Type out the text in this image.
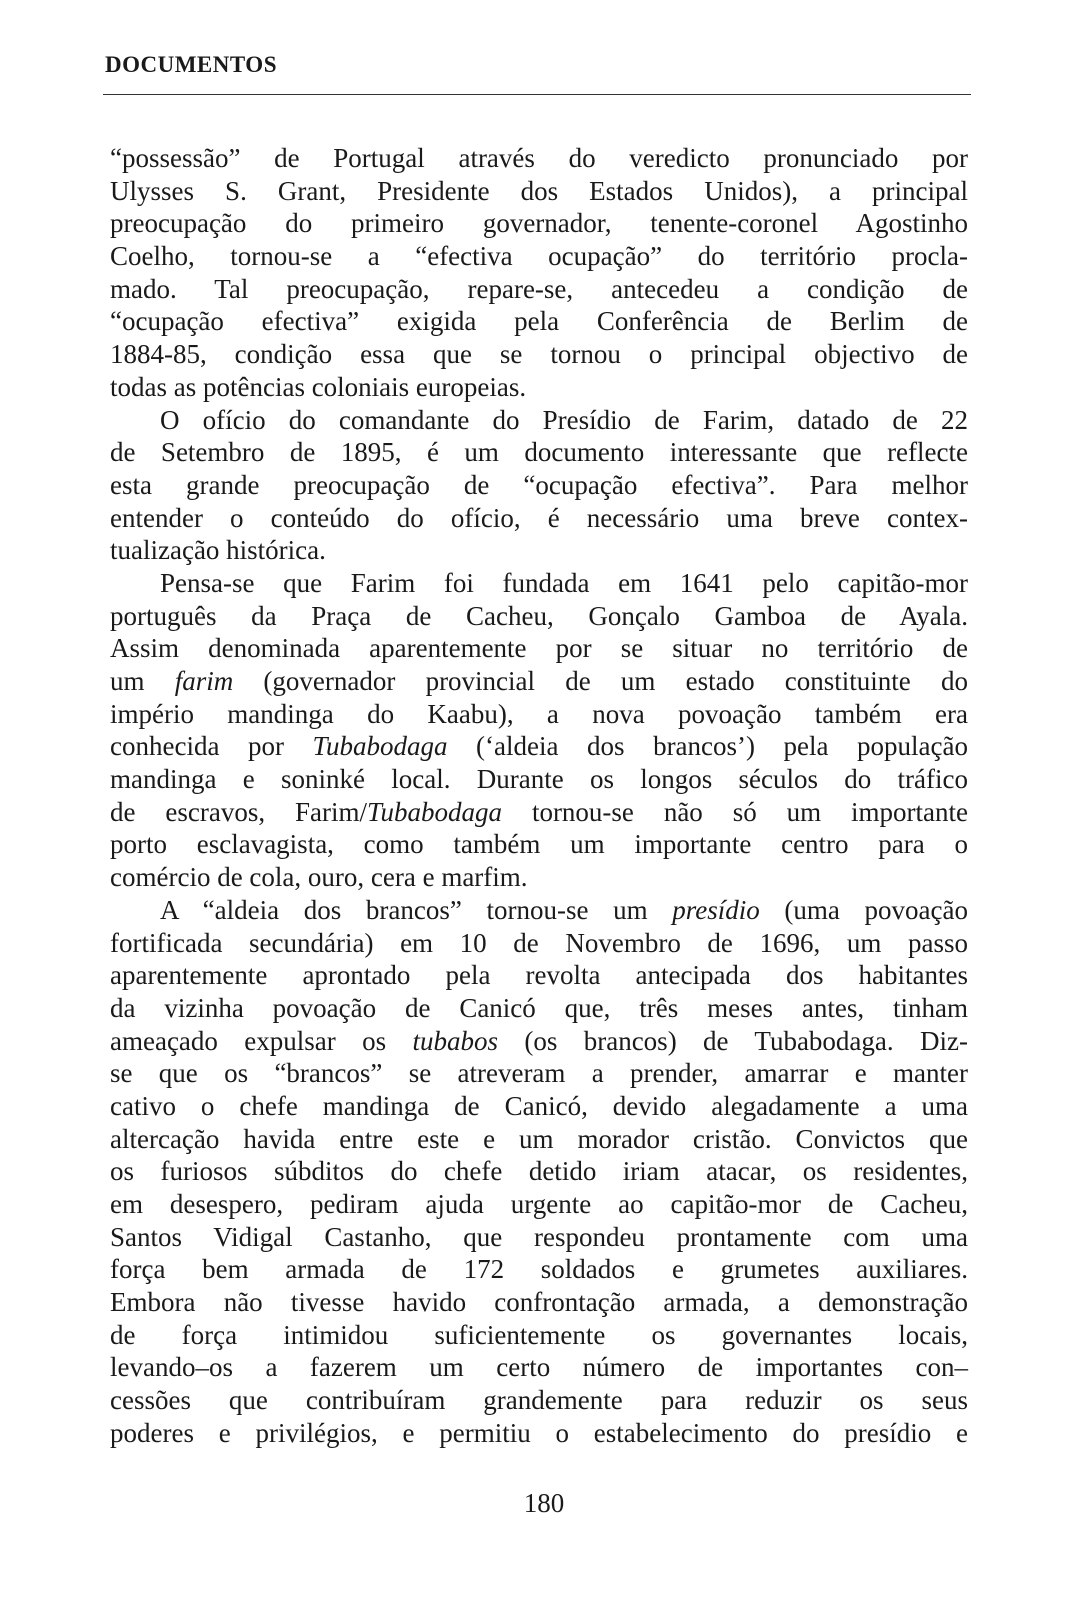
DOCUMENTOS
“possessão” de Portugal através do veredicto pronunciado por
Ulysses S. Grant, Presidente dos Estados Unidos), a principal
preocupação do primeiro governador, tenente-coronel Agostinho
Coelho, tornou-se a “efectiva ocupação” do território procla-
mado. Tal preocupação, repare-se, antecedeu a condição de
“ocupação efectiva” exigida pela Conferência de Berlim de
1884-85, condição essa que se tornou o principal objectivo de
todas as potências coloniais europeias.
O ofício do comandante do Presídio de Farim, datado de 22
de Setembro de 1895, é um documento interessante que reflecte
esta grande preocupação de “ocupação efectiva”. Para melhor
entender o conteúdo do ofício, é necessário uma breve contex-
tualização histórica.
Pensa-se que Farim foi fundada em 1641 pelo capitão-mor
português da Praça de Cacheu, Gonçalo Gamboa de Ayala.
Assim denominada aparentemente por se situar no território de
um farim (governador provincial de um estado constituinte do
império mandinga do Kaabu), a nova povoação também era
conhecida por Tubabodaga (‘aldeia dos brancos’) pela população
mandinga e soninké local. Durante os longos séculos do tráfico
de escravos, Farim/Tubabodaga tornou-se não só um importante
porto esclavagista, como também um importante centro para o
comércio de cola, ouro, cera e marfim.
A “aldeia dos brancos” tornou-se um presídio (uma povoação
fortificada secundária) em 10 de Novembro de 1696, um passo
aparentemente aprontado pela revolta antecipada dos habitantes
da vizinha povoação de Canicó que, três meses antes, tinham
ameaçado expulsar os tubabos (os brancos) de Tubabodaga. Diz-
se que os “brancos” se atreveram a prender, amarrar e manter
cativo o chefe mandinga de Canicó, devido alegadamente a uma
altercação havida entre este e um morador cristão. Convictos que
os furiosos súbditos do chefe detido iriam atacar, os residentes,
em desespero, pediram ajuda urgente ao capitão-mor de Cacheu,
Santos Vidigal Castanho, que respondeu prontamente com uma
força bem armada de 172 soldados e grumetes auxiliares.
Embora não tivesse havido confrontação armada, a demonstração
de força intimidou suficientemente os governantes locais,
levando–os a fazerem um certo número de importantes con–
cessões que contribuíram grandemente para reduzir os seus
poderes e privilégios, e permitiu o estabelecimento do presídio e
180
